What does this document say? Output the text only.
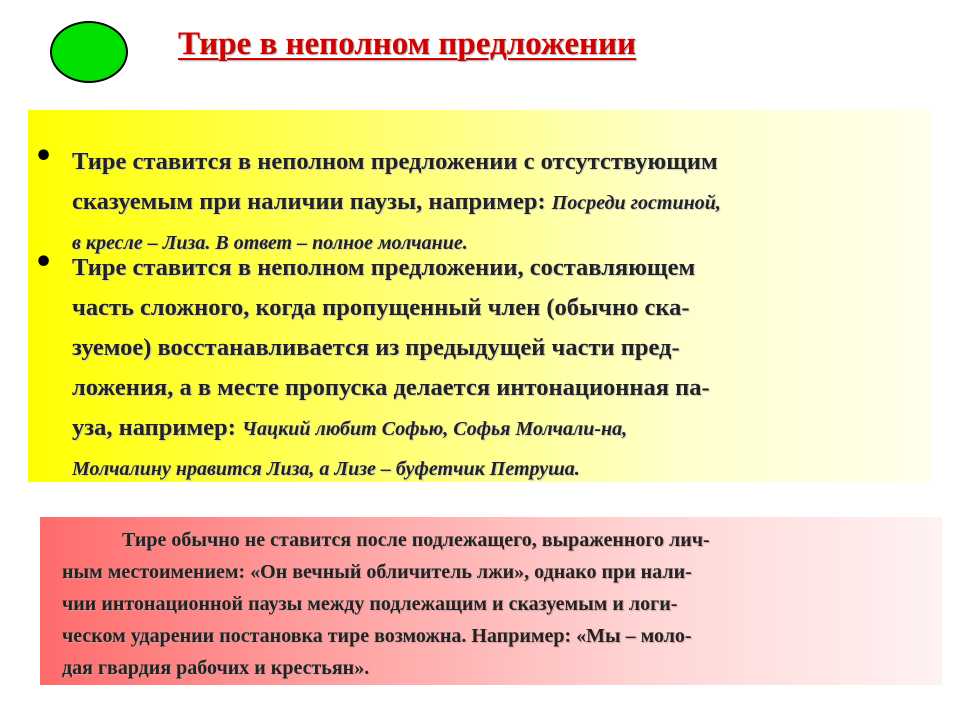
Тире в неполном предложении
• Тире ставится в неполном предложении с отсутствующим
сказуемым при наличии паузы, например: Посреди гостиной,
в кресле – Лиза. В ответ – полное молчание.
• Тире ставится в неполном предложении, составляющем
часть сложного, когда пропущенный член (обычно ска-
зуемое) восстанавливается из предыдущей части пред-
ложения, а в месте пропуска делается интонационная па-
уза, например: Чацкий любит Софью, Софья Молчали-на,
Молчалину нравится Лиза, а Лизе – буфетчик Петруша.
Тире обычно не ставится после подлежащего, выраженного лич-
ным местоимением: «Он вечный обличитель лжи», однако при нали-
чии интонационной паузы между подлежащим и сказуемым и логи-
ческом ударении постановка тире возможна. Например: «Мы – моло-
дая гвардия рабочих и крестьян».
